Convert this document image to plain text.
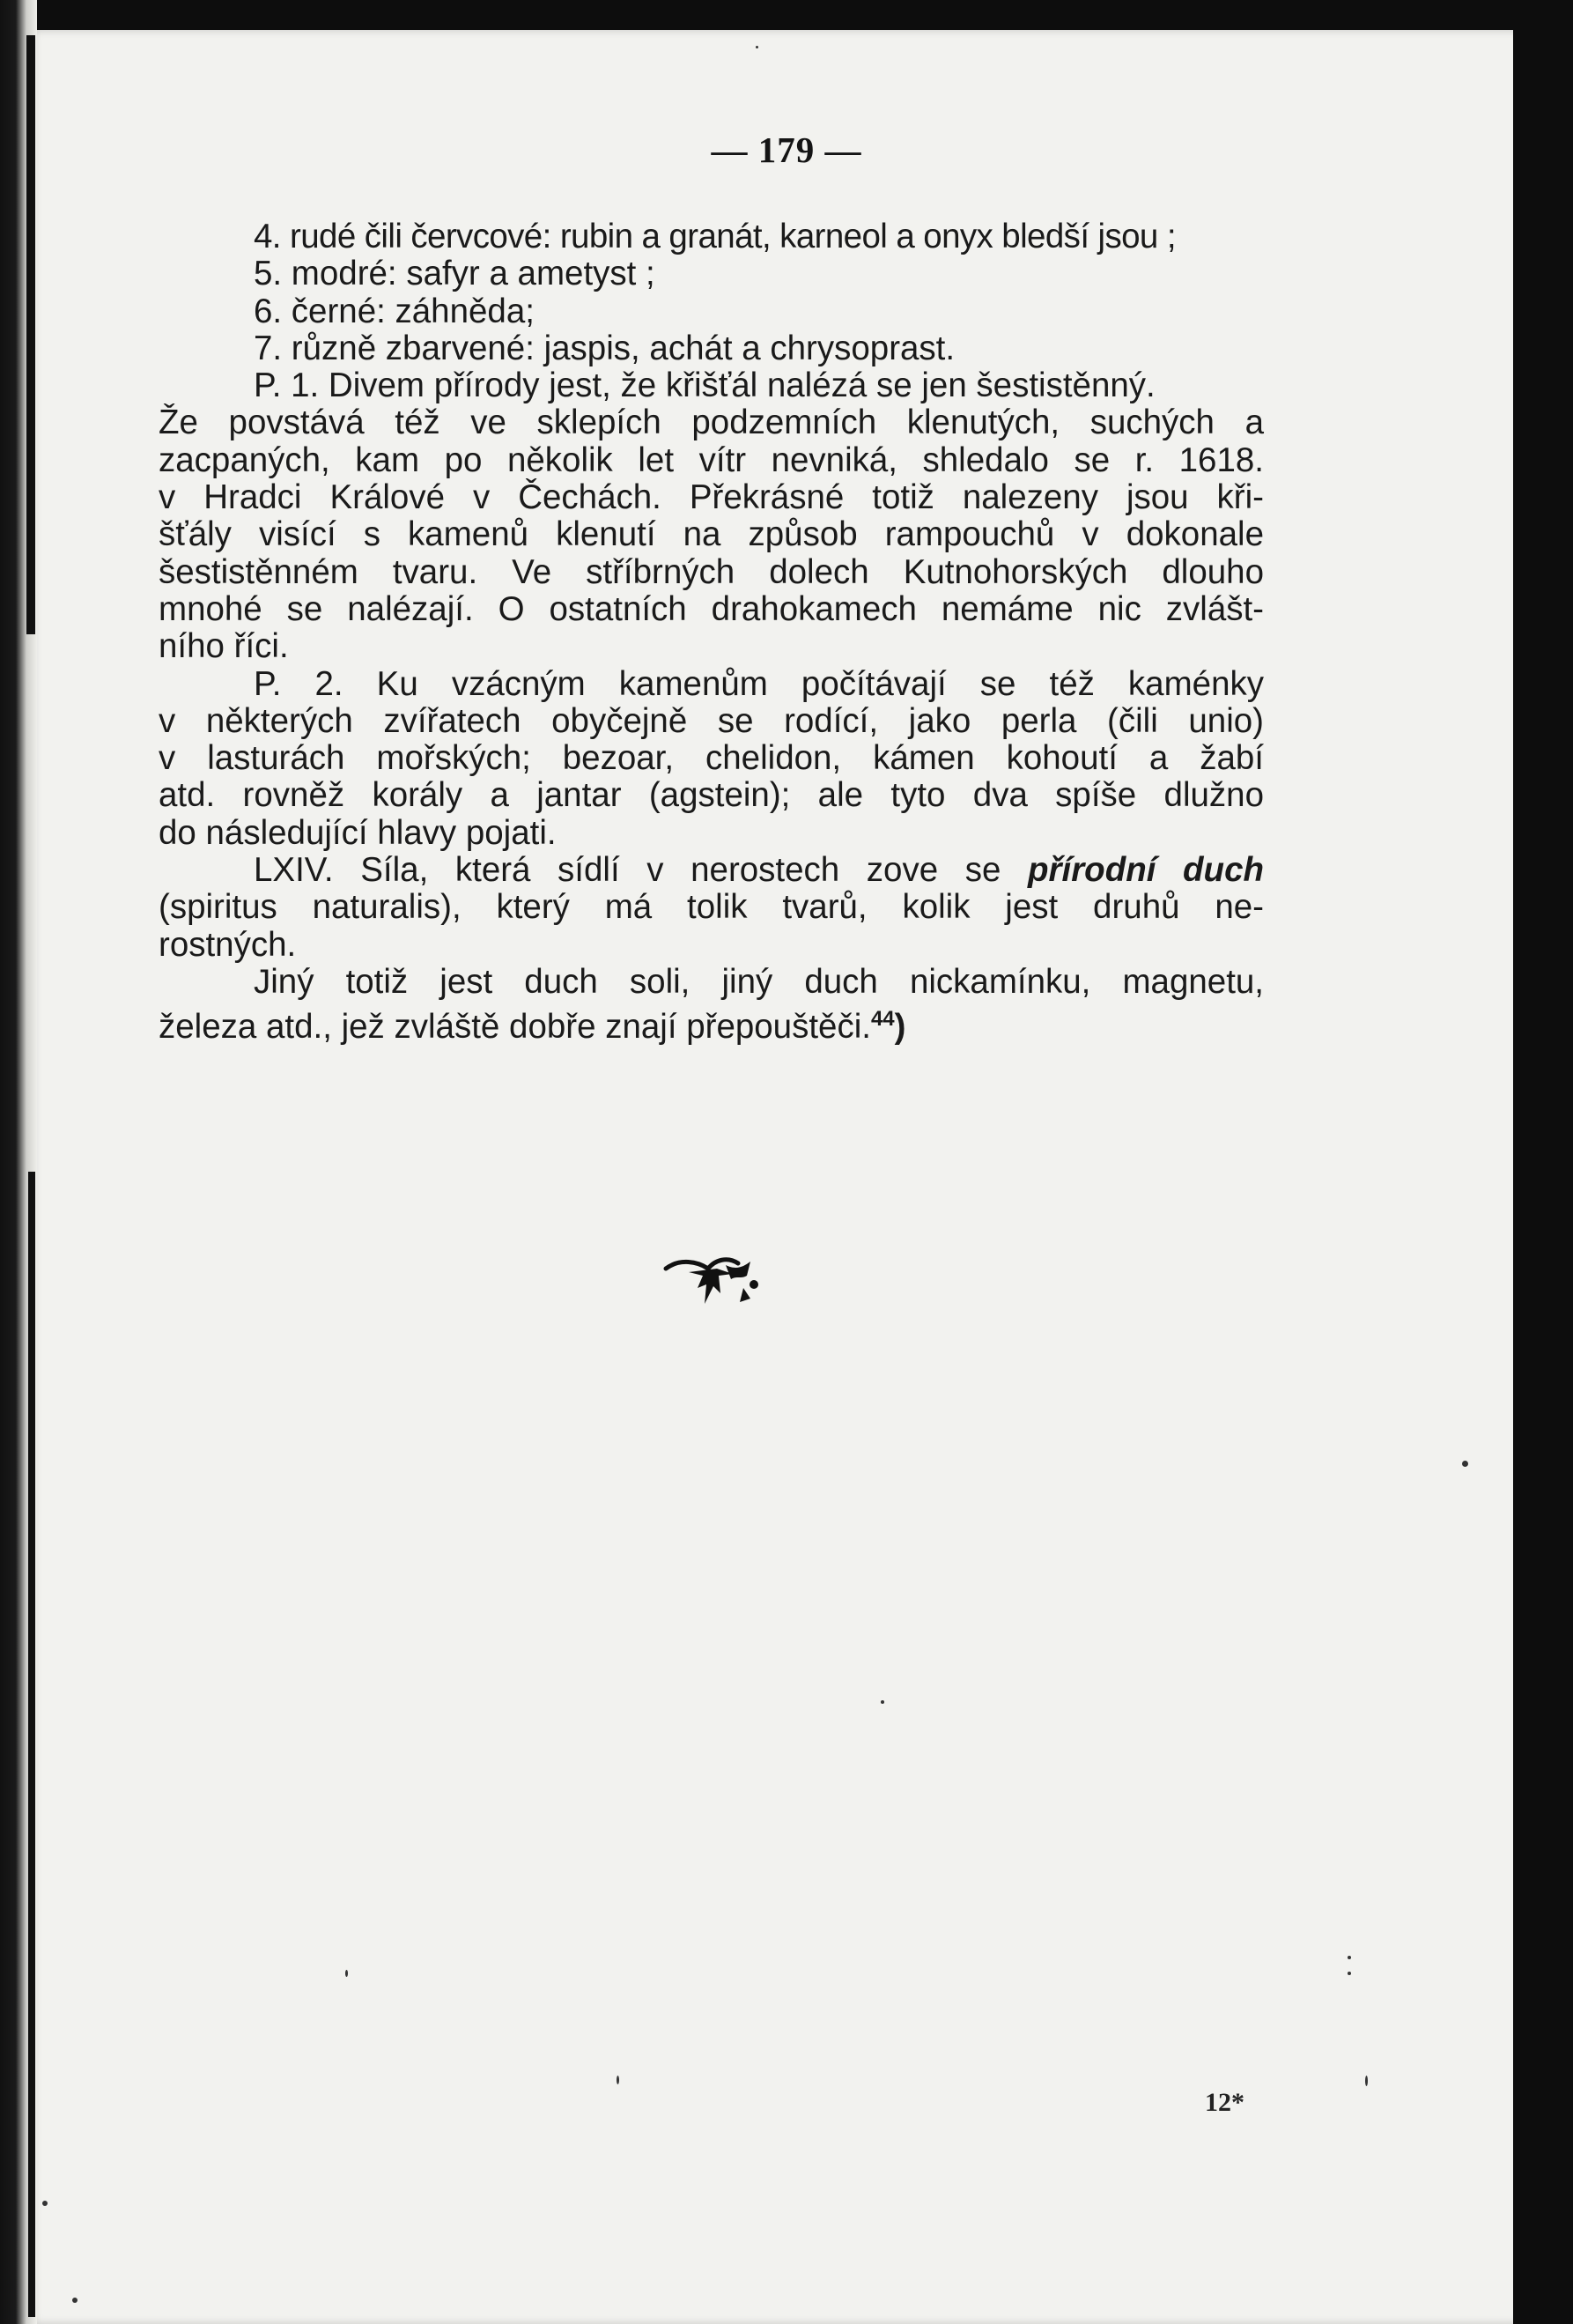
— 179 —
4. rudé čili červcové: rubin a granát, karneol a onyx bledší jsou ;
5. modré: safyr a ametyst ;
6. černé: záhněda;
7. různě zbarvené: jaspis, achát a chrysoprast.
P. 1. Divem přírody jest, že křišťál nalézá se jen šestistěnný.
Že povstává též ve sklepích podzemních klenutých, suchých a
zacpaných, kam po několik let vítr nevniká, shledalo se r. 1618.
v Hradci Králové v Čechách. Překrásné totiž nalezeny jsou kři-
šťály visící s kamenů klenutí na způsob rampouchů v dokonale
šestistěnném tvaru. Ve stříbrných dolech Kutnohorských dlouho
mnohé se nalézají. O ostatních drahokamech nemáme nic zvlášt-
ního říci.
P. 2. Ku vzácným kamenům počítávají se též kaménky
v některých zvířatech obyčejně se rodící, jako perla (čili unio)
v lasturách mořských; bezoar, chelidon, kámen kohoutí a žabí
atd. rovněž korály a jantar (agstein); ale tyto dva spíše dlužno
do následující hlavy pojati.
LXIV. Síla, která sídlí v nerostech zove se přírodní duch
(spiritus naturalis), který má tolik tvarů, kolik jest druhů ne-
rostných.
Jiný totiž jest duch soli, jiný duch nickamínku, magnetu,
železa atd., jež zvláště dobře znají přepouštěči.$^{44}$)
12*
